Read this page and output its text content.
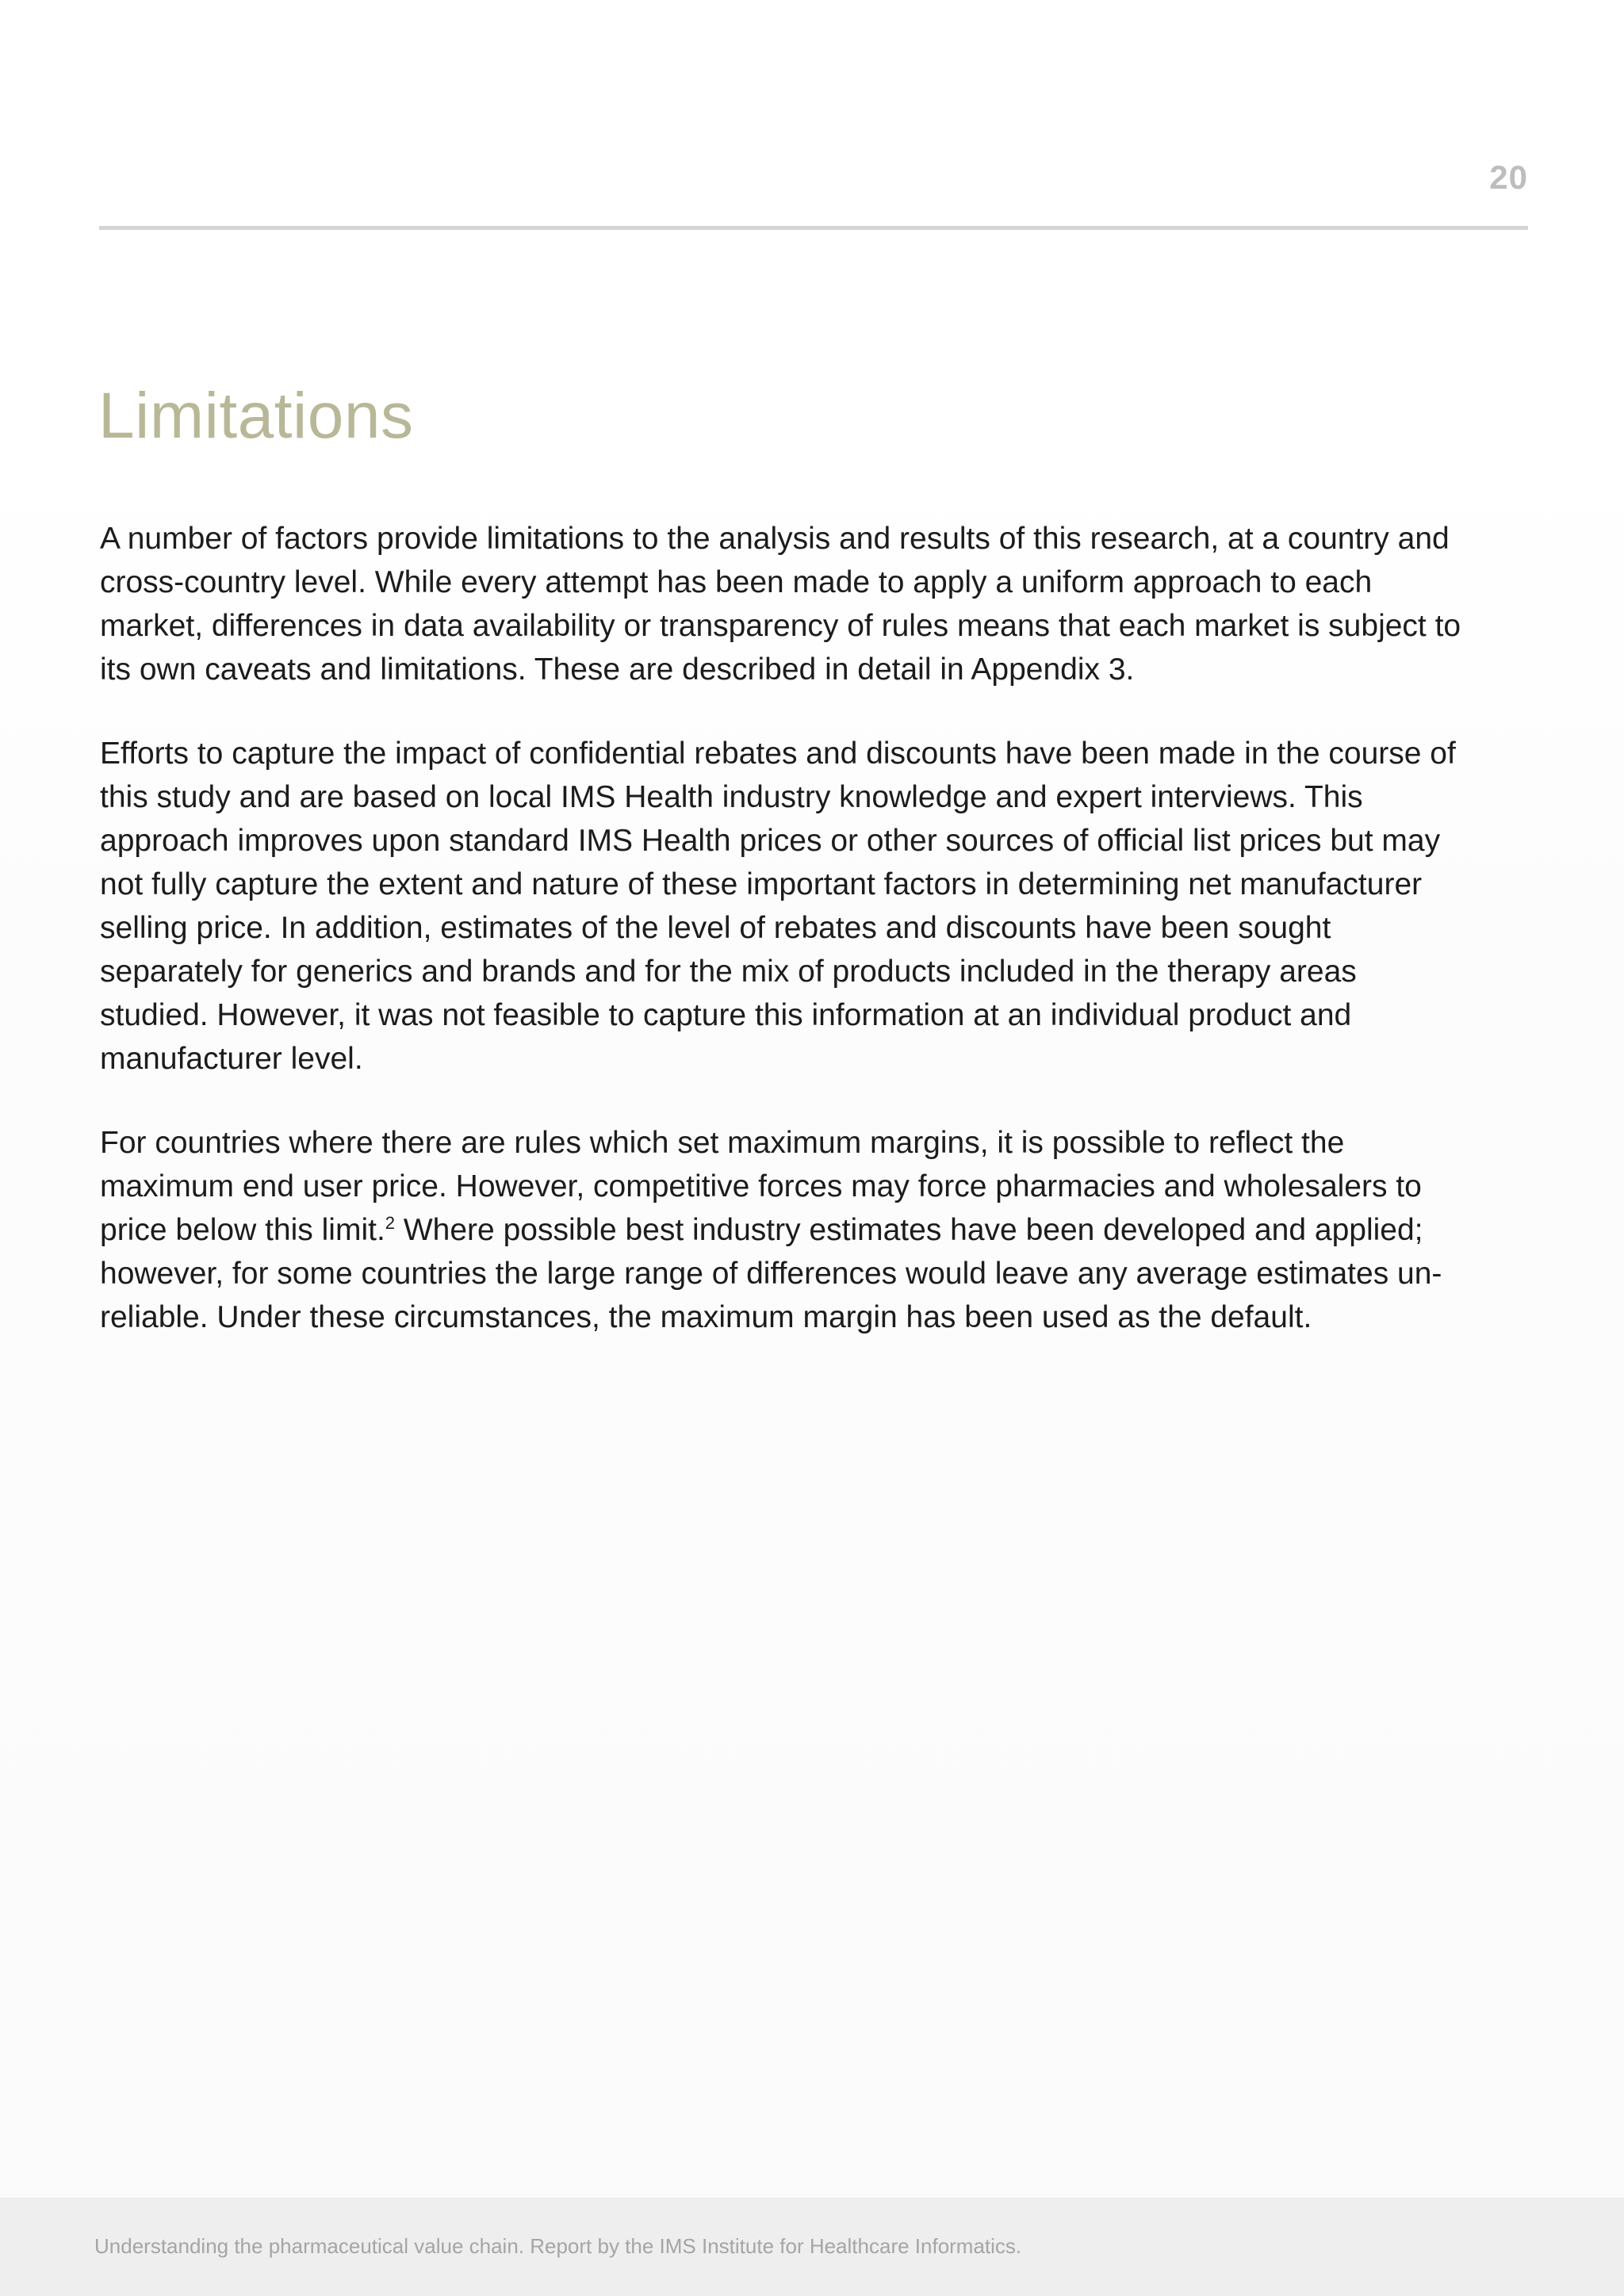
20
Limitations

A number of factors provide limitations to the analysis and results of this research, at a country and cross-country level. While every attempt has been made to apply a uniform approach to each market, differences in data availability or transparency of rules means that each market is subject to its own caveats and limitations. These are described in detail in Appendix 3.

Efforts to capture the impact of confidential rebates and discounts have been made in the course of this study and are based on local IMS Health industry knowledge and expert interviews. This approach improves upon standard IMS Health prices or other sources of official list prices but may not fully capture the extent and nature of these important factors in determining net manufacturer selling price. In addition, estimates of the level of rebates and discounts have been sought separately for generics and brands and for the mix of products included in the therapy areas studied. However, it was not feasible to capture this information at an individual product and manufacturer level.

For countries where there are rules which set maximum margins, it is possible to reflect the maximum end user price. However, competitive forces may force pharmacies and wholesalers to price below this limit.$^2$ Where possible best industry estimates have been developed and applied; however, for some countries the large range of differences would leave any average estimates un-reliable. Under these circumstances, the maximum margin has been used as the default.

Understanding the pharmaceutical value chain. Report by the IMS Institute for Healthcare Informatics.
